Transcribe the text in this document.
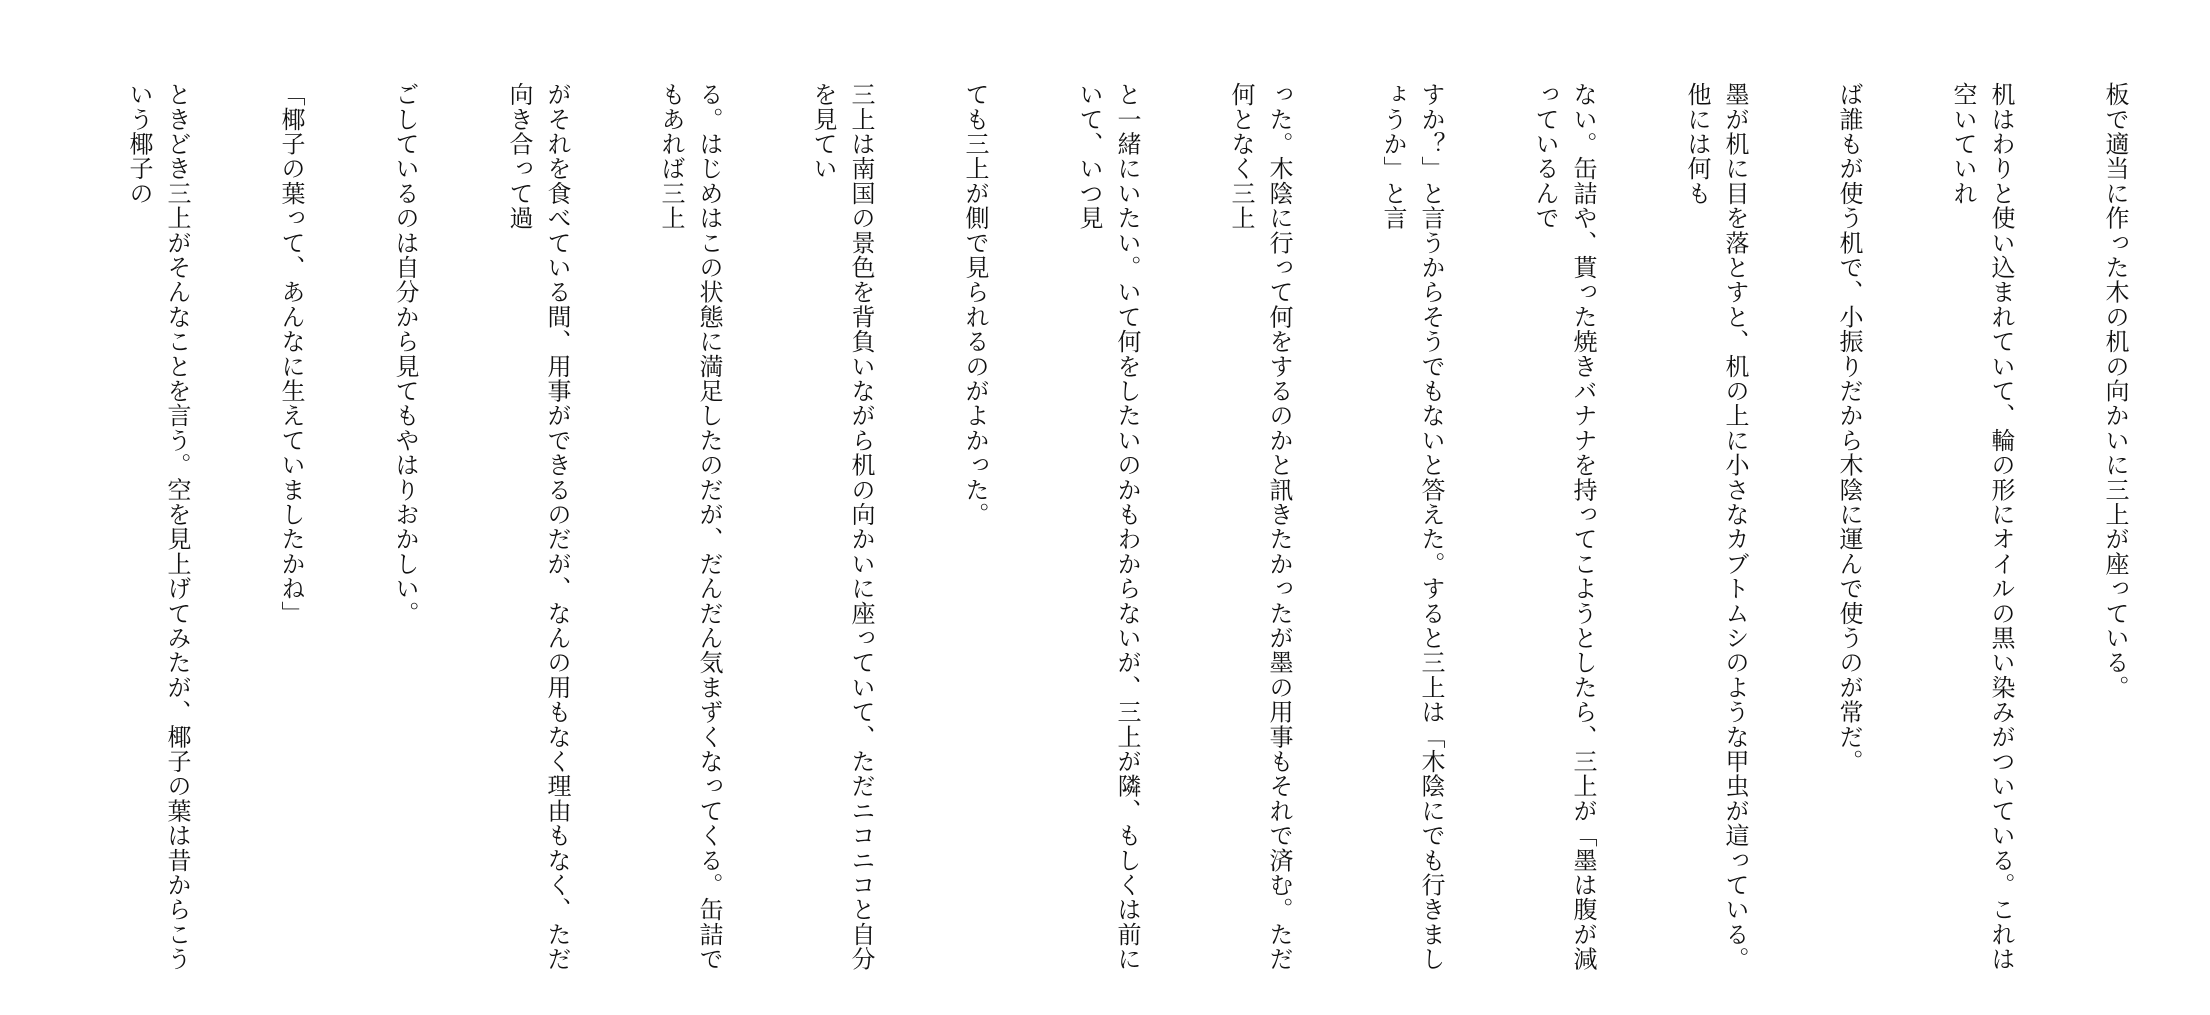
板で適当に作った木の机の向かいに三上が座っている。

机はわりと使い込まれていて、輪の形にオイルの黒い染みがついている。これは空いていれ

ば誰もが使う机で、小振りだから木陰に運んで使うのが常だ。

墨が机に目を落とすと、机の上に小さなカブトムシのような甲虫が這っている。他には何も

ない。缶詰や、貰った焼きバナナを持ってこようとしたら、三上が「墨は腹が減っているんで

すか？」と言うからそうでもないと答えた。すると三上は「木陰にでも行きましょうか」と言

った。木陰に行って何をするのかと訊きたかったが墨の用事もそれで済む。ただ何となく三上

と一緒にいたい。いて何をしたいのかもわからないが、三上が隣、もしくは前にいて、いつ見

ても三上が側で見られるのがよかった。

三上は南国の景色を背負いながら机の向かいに座っていて、ただニコニコと自分を見てい

る。はじめはこの状態に満足したのだが、だんだん気まずくなってくる。缶詰でもあれば三上

がそれを食べている間、用事ができるのだが、なんの用もなく理由もなく、ただ向き合って過

ごしているのは自分から見てもやはりおかしい。

「椰子の葉って、あんなに生えていましたかね」

ときどき三上がそんなことを言う。空を見上げてみたが、椰子の葉は昔からこういう椰子の
